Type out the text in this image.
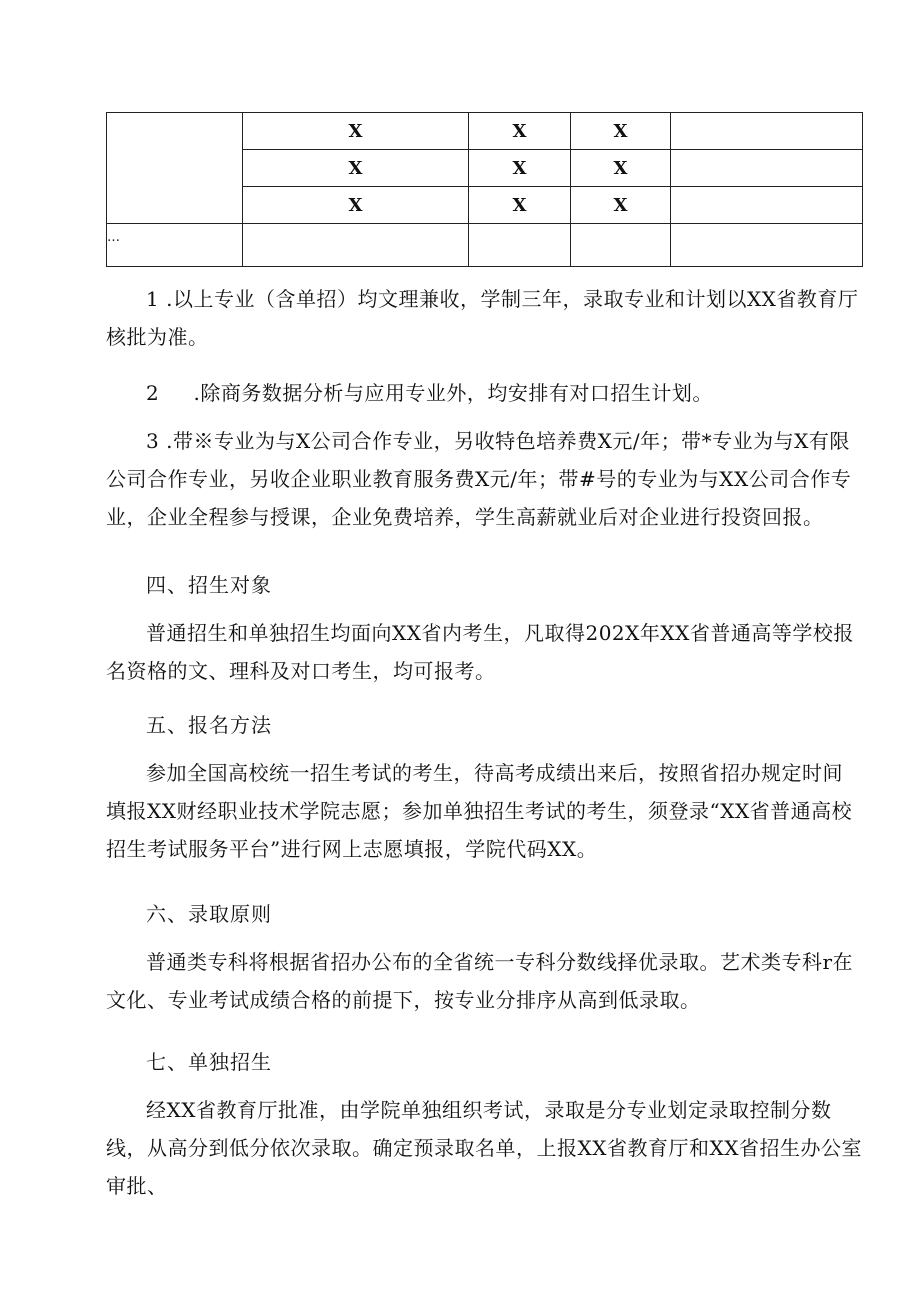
	X	X	X	
	X	X	X	
	X	X	X	
…				

1 .以上专业（含单招）均文理兼收，学制三年，录取专业和计划以XX省教育厅核批为准。

2     .除商务数据分析与应用专业外，均安排有对口招生计划。

3 .带※专业为与X公司合作专业，另收特色培养费X元/年；带*专业为与X有限公司合作专业，另收企业职业教育服务费X元/年；带#号的专业为与XX公司合作专业，企业全程参与授课，企业免费培养，学生高薪就业后对企业进行投资回报。

四、招生对象

普通招生和单独招生均面向XX省内考生，凡取得202X年XX省普通高等学校报名资格的文、理科及对口考生，均可报考。

五、报名方法

参加全国高校统一招生考试的考生，待高考成绩出来后，按照省招办规定时间填报XX财经职业技术学院志愿；参加单独招生考试的考生，须登录“XX省普通高校招生考试服务平台”进行网上志愿填报，学院代码XX。

六、录取原则

普通类专科将根据省招办公布的全省统一专科分数线择优录取。艺术类专科r在文化、专业考试成绩合格的前提下，按专业分排序从高到低录取。

七、单独招生

经XX省教育厅批准，由学院单独组织考试，录取是分专业划定录取控制分数线，从高分到低分依次录取。确定预录取名单，上报XX省教育厅和XX省招生办公室审批、
